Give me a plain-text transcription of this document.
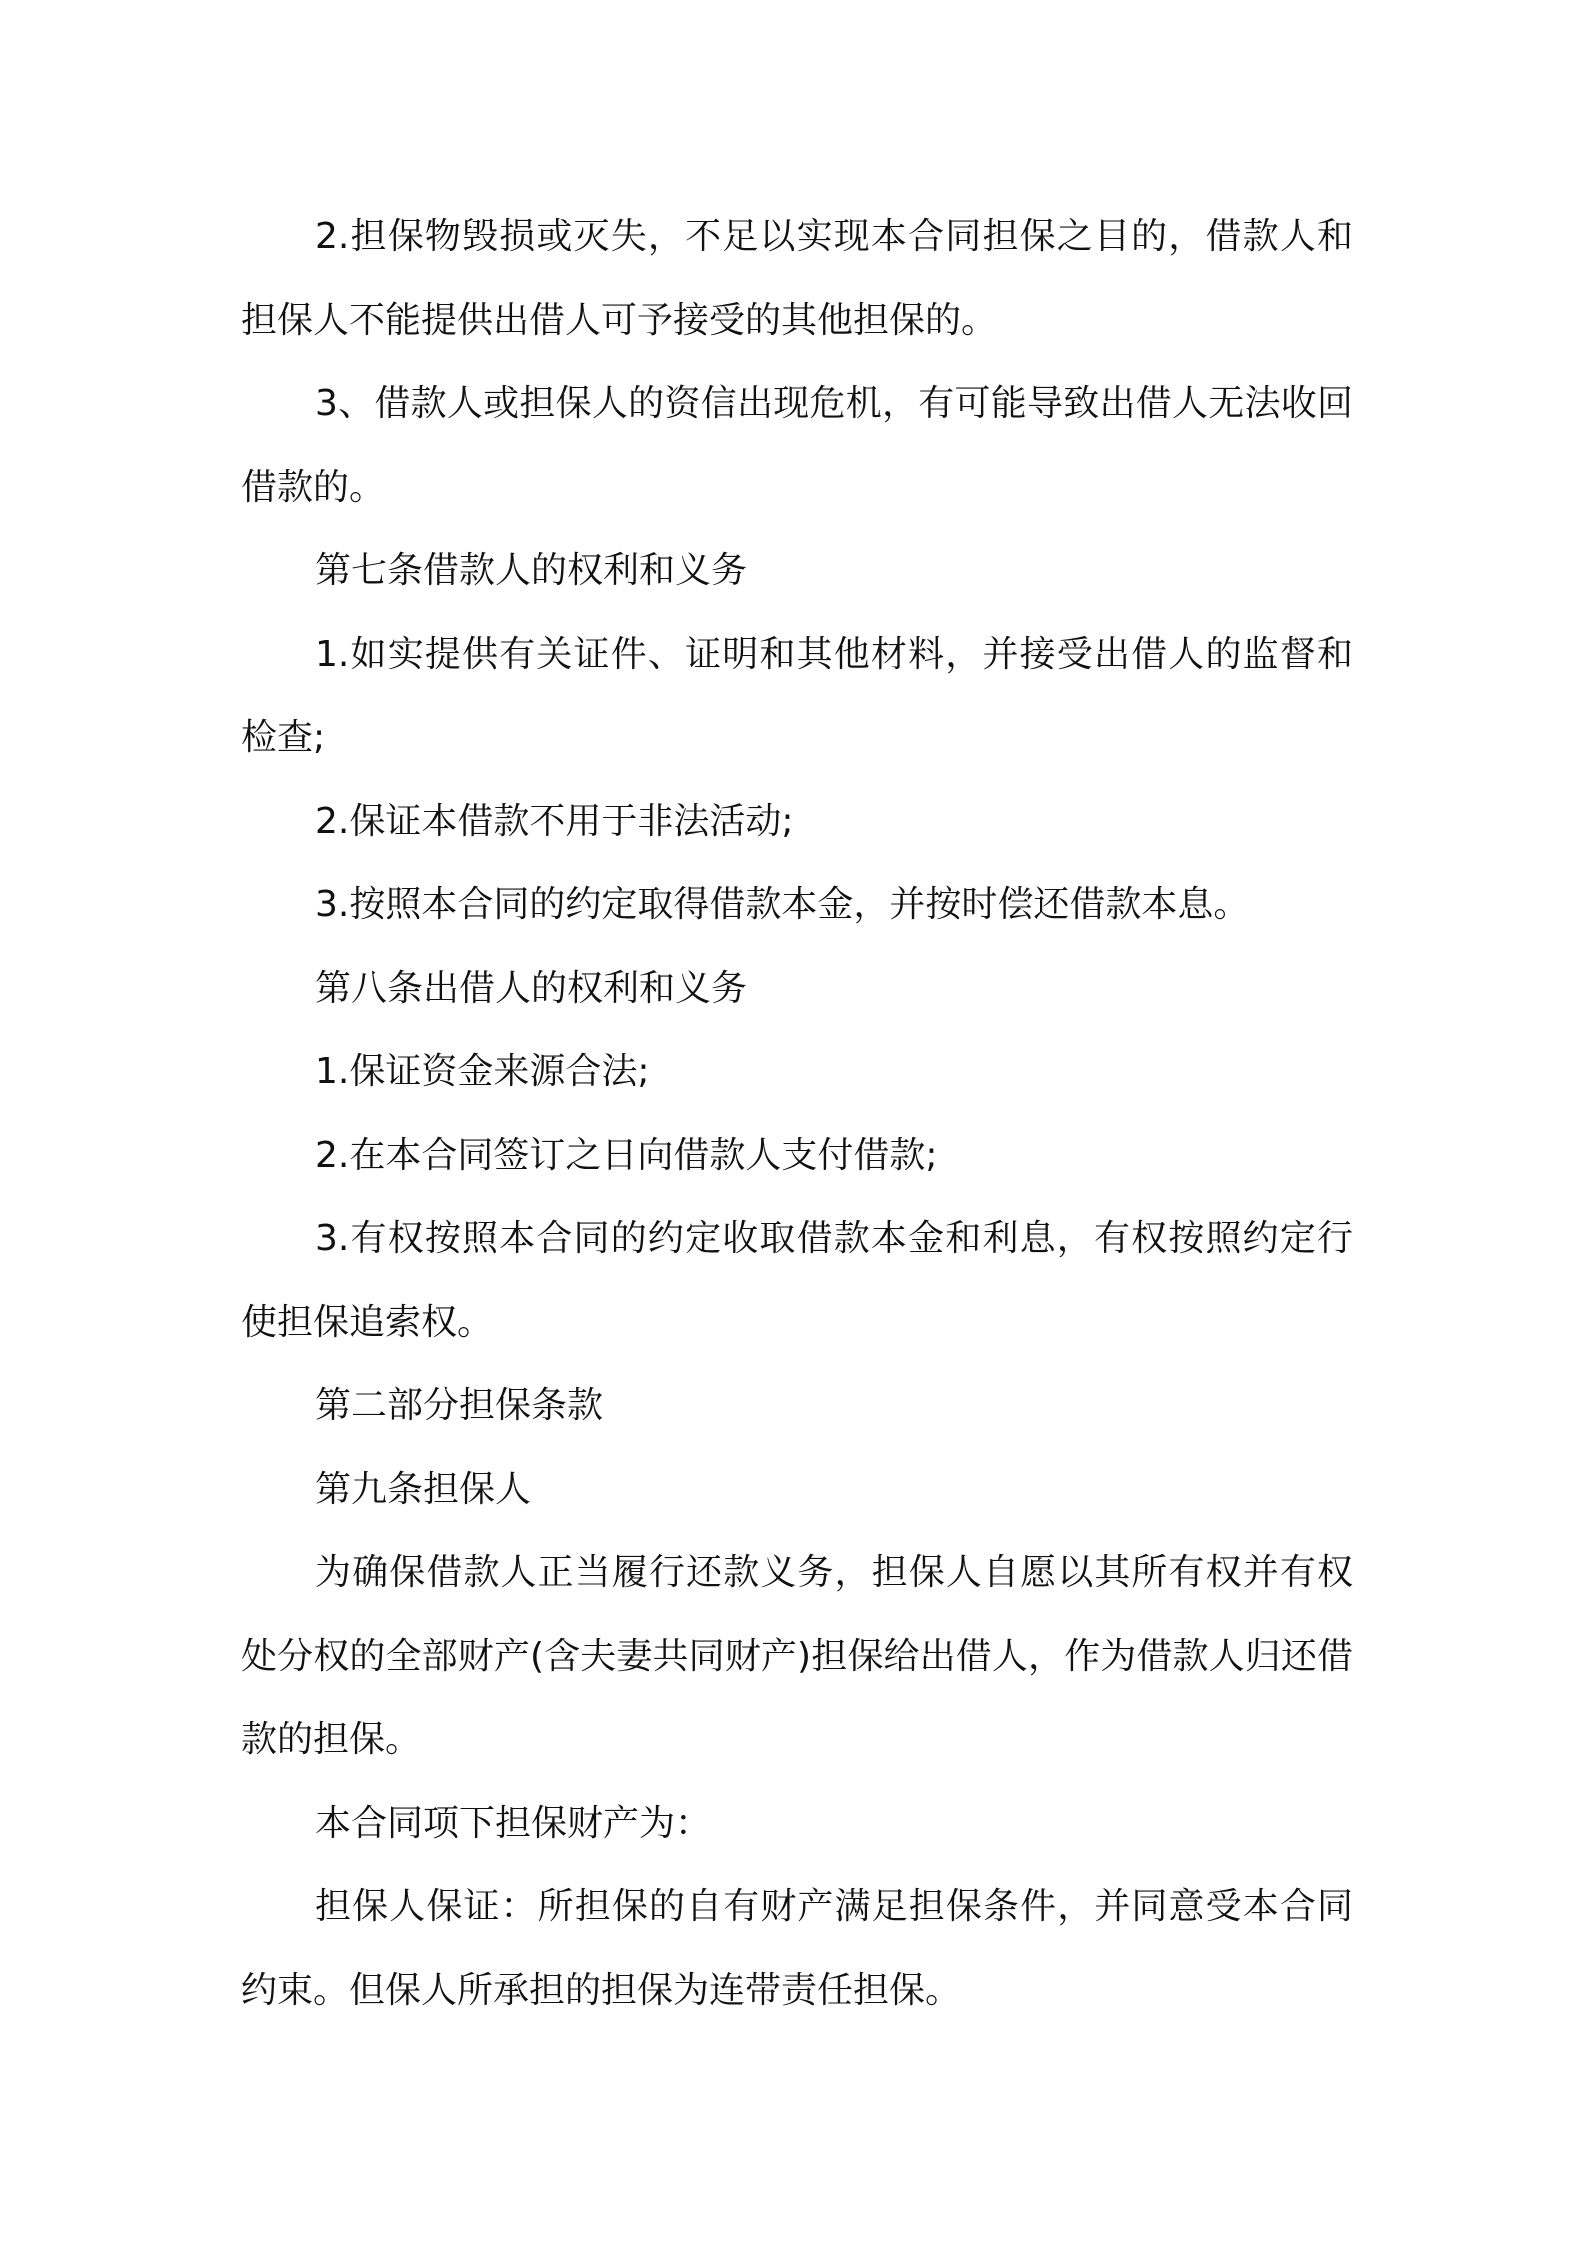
2.担保物毁损或灭失，不足以实现本合同担保之目的，借款人和担保人不能提供出借人可予接受的其他担保的。

3、借款人或担保人的资信出现危机，有可能导致出借人无法收回借款的。

第七条借款人的权利和义务

1.如实提供有关证件、证明和其他材料，并接受出借人的监督和检查;

2.保证本借款不用于非法活动;

3.按照本合同的约定取得借款本金，并按时偿还借款本息。

第八条出借人的权利和义务

1.保证资金来源合法;

2.在本合同签订之日向借款人支付借款;

3.有权按照本合同的约定收取借款本金和利息，有权按照约定行使担保追索权。

第二部分担保条款

第九条担保人

为确保借款人正当履行还款义务，担保人自愿以其所有权并有权处分权的全部财产(含夫妻共同财产)担保给出借人，作为借款人归还借款的担保。

本合同项下担保财产为：

担保人保证：所担保的自有财产满足担保条件，并同意受本合同约束。但保人所承担的担保为连带责任担保。
